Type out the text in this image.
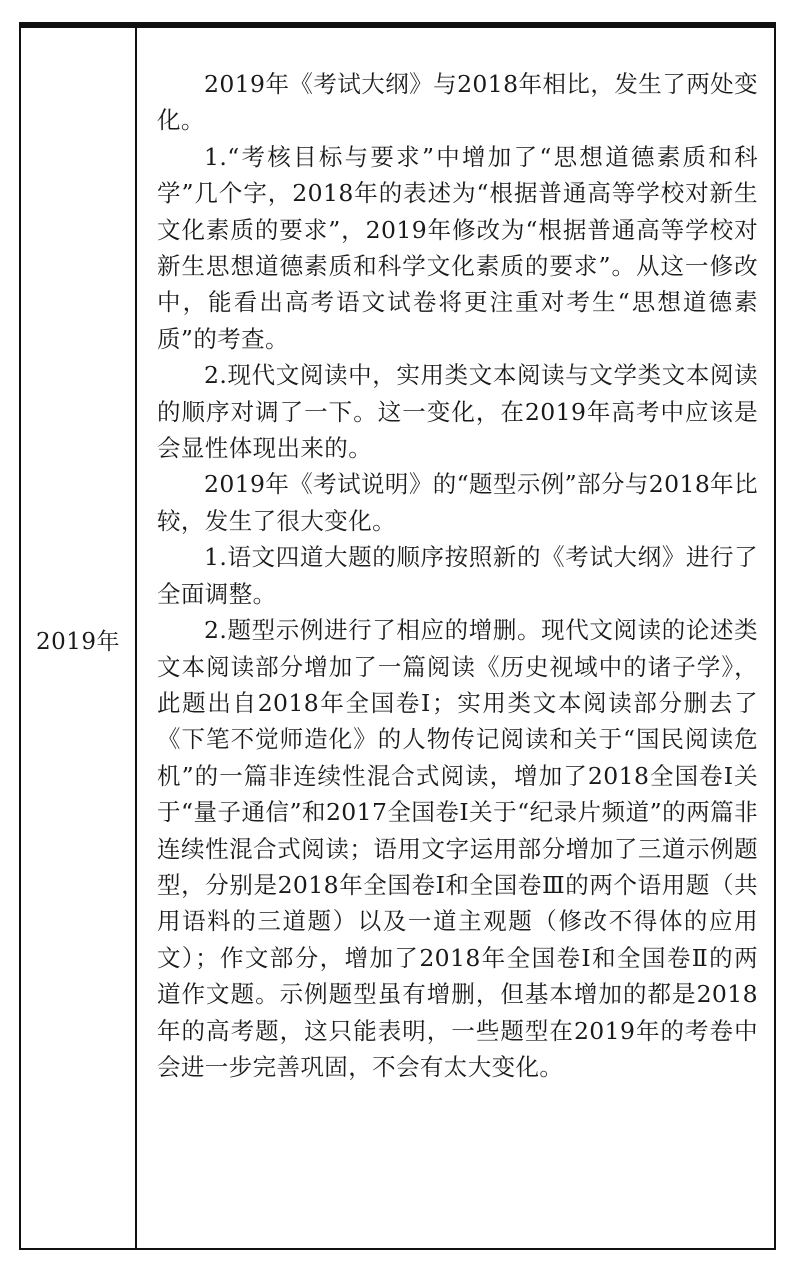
2019年

2019年《考试大纲》与2018年相比，发生了两处变化。

1.“考核目标与要求”中增加了“思想道德素质和科学”几个字，2018年的表述为“根据普通高等学校对新生文化素质的要求”，2019年修改为“根据普通高等学校对新生思想道德素质和科学文化素质的要求”。从这一修改中，能看出高考语文试卷将更注重对考生“思想道德素质”的考查。

2.现代文阅读中，实用类文本阅读与文学类文本阅读的顺序对调了一下。这一变化，在2019年高考中应该是会显性体现出来的。

2019年《考试说明》的“题型示例”部分与2018年比较，发生了很大变化。

1.语文四道大题的顺序按照新的《考试大纲》进行了全面调整。

2.题型示例进行了相应的增删。现代文阅读的论述类文本阅读部分增加了一篇阅读《历史视域中的诸子学》，此题出自2018年全国卷Ⅰ；实用类文本阅读部分删去了《下笔不觉师造化》的人物传记阅读和关于“国民阅读危机”的一篇非连续性混合式阅读，增加了2018全国卷Ⅰ关于“量子通信”和2017全国卷Ⅰ关于“纪录片频道”的两篇非连续性混合式阅读；语用文字运用部分增加了三道示例题型，分别是2018年全国卷Ⅰ和全国卷Ⅲ的两个语用题（共用语料的三道题）以及一道主观题（修改不得体的应用文）；作文部分，增加了2018年全国卷Ⅰ和全国卷Ⅱ的两道作文题。示例题型虽有增删，但基本增加的都是2018年的高考题，这只能表明，一些题型在2019年的考卷中会进一步完善巩固，不会有太大变化。
